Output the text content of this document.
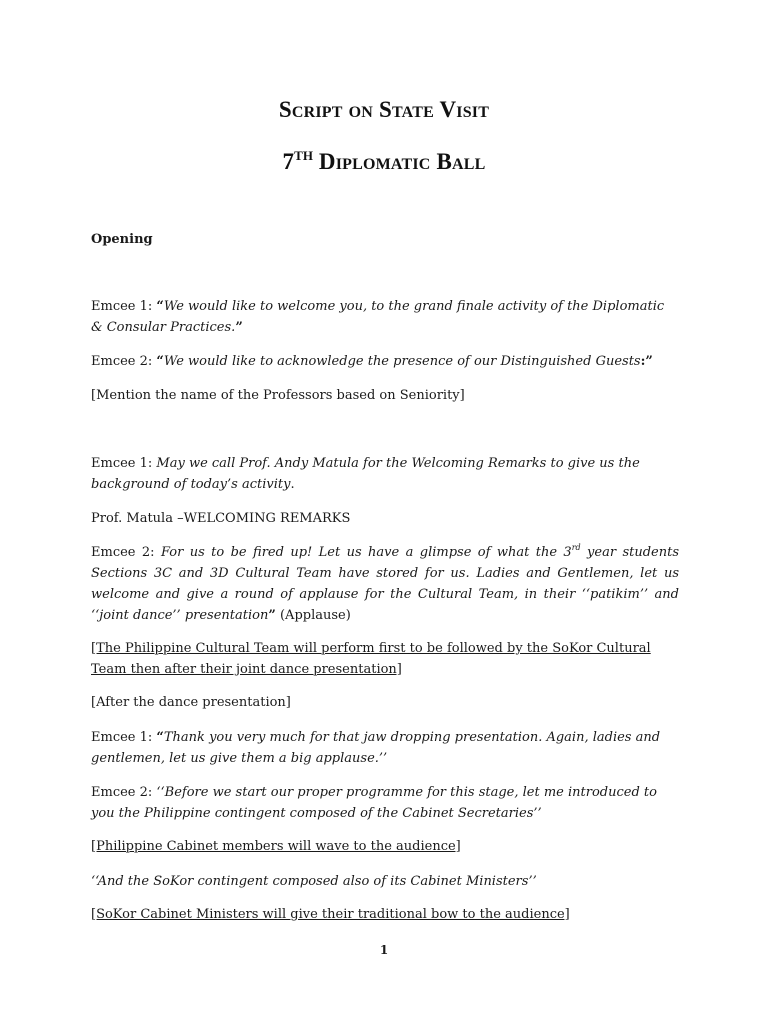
Script on State Visit
7TH Diplomatic Ball
Opening
Emcee 1: “We would like to welcome you, to the grand finale activity of the Diplomatic & Consular Practices.”
Emcee 2: “We would like to acknowledge the presence of our Distinguished Guests:”
[Mention the name of the Professors based on Seniority]
Emcee 1: May we call Prof. Andy Matula for the Welcoming Remarks to give us the background of today’s activity.
Prof. Matula –WELCOMING REMARKS
Emcee 2: For us to be fired up! Let us have a glimpse of what the 3rd year students Sections 3C and 3D Cultural Team have stored for us. Ladies and Gentlemen, let us welcome and give a round of applause for the Cultural Team, in their ‘‘patikim’’ and ‘‘joint dance’’ presentation” (Applause)
[The Philippine Cultural Team will perform first to be followed by the SoKor Cultural Team then after their joint dance presentation]
[After the dance presentation]
Emcee 1: “Thank you very much for that jaw dropping presentation. Again, ladies and gentlemen, let us give them a big applause.’’
Emcee 2: ‘‘Before we start our proper programme for this stage, let me introduced to you the Philippine contingent composed of the Cabinet Secretaries’’
[Philippine Cabinet members will wave to the audience]
‘‘And the SoKor contingent composed also of its Cabinet Ministers’’
[SoKor Cabinet Ministers will give their traditional bow to the audience]
1
